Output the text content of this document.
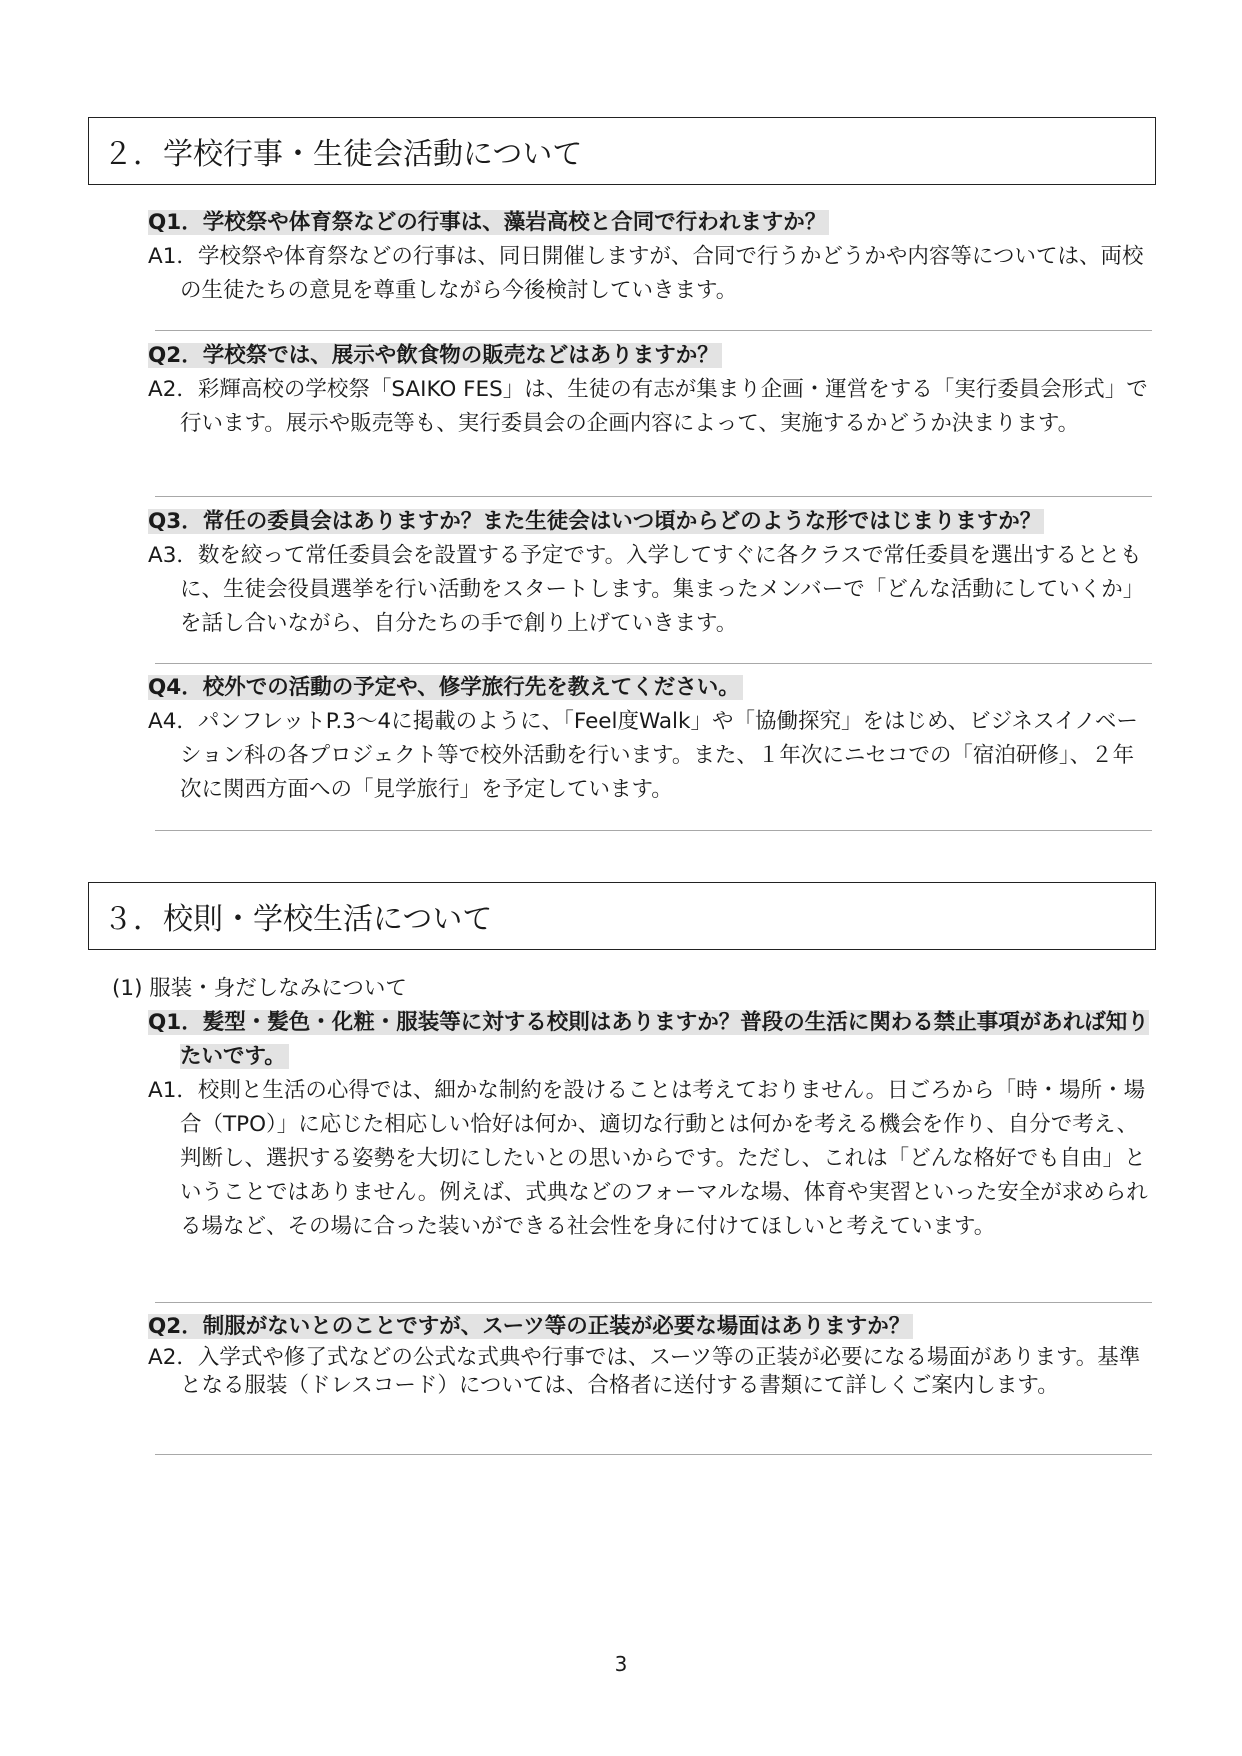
２．学校行事・生徒会活動について
Q1．学校祭や体育祭などの行事は、藻岩高校と合同で行われますか？
A1．学校祭や体育祭などの行事は、同日開催しますが、合同で行うかどうかや内容等については、両校の生徒たちの意見を尊重しながら今後検討していきます。
Q2．学校祭では、展示や飲食物の販売などはありますか？
A2．彩輝高校の学校祭「SAIKO FES」は、生徒の有志が集まり企画・運営をする「実行委員会形式」で行います。展示や販売等も、実行委員会の企画内容によって、実施するかどうか決まります。
Q3．常任の委員会はありますか？また生徒会はいつ頃からどのような形ではじまりますか？
A3．数を絞って常任委員会を設置する予定です。入学してすぐに各クラスで常任委員を選出するとともに、生徒会役員選挙を行い活動をスタートします。集まったメンバーで「どんな活動にしていくか」を話し合いながら、自分たちの手で創り上げていきます。
Q4．校外での活動の予定や、修学旅行先を教えてください。
A4．パンフレットP.3～4に掲載のように、「Feel度Walk」や「協働探究」をはじめ、ビジネスイノベーション科の各プロジェクト等で校外活動を行います。また、１年次にニセコでの「宿泊研修」、２年次に関西方面への「見学旅行」を予定しています。
３．校則・学校生活について
(1) 服装・身だしなみについて
Q1．髪型・髪色・化粧・服装等に対する校則はありますか？普段の生活に関わる禁止事項があれば知りたいです。
A1．校則と生活の心得では、細かな制約を設けることは考えておりません。日ごろから「時・場所・場合（TPO）」に応じた相応しい恰好は何か、適切な行動とは何かを考える機会を作り、自分で考え、判断し、選択する姿勢を大切にしたいとの思いからです。ただし、これは「どんな格好でも自由」ということではありません。例えば、式典などのフォーマルな場、体育や実習といった安全が求められる場など、その場に合った装いができる社会性を身に付けてほしいと考えています。
Q2．制服がないとのことですが、スーツ等の正装が必要な場面はありますか？
A2．入学式や修了式などの公式な式典や行事では、スーツ等の正装が必要になる場面があります。基準となる服装（ドレスコード）については、合格者に送付する書類にて詳しくご案内します。
3
